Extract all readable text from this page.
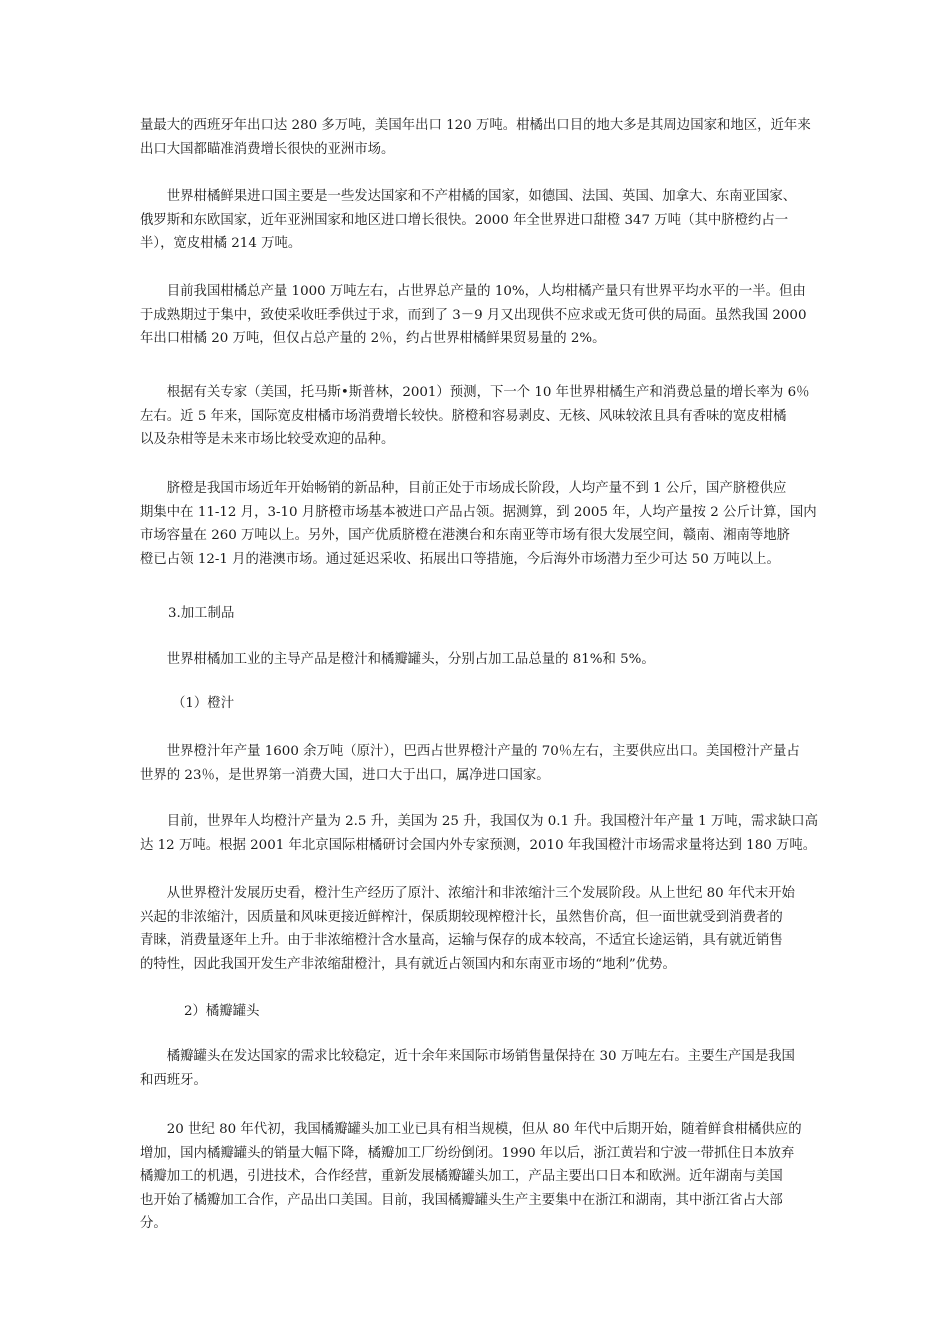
量最大的西班牙年出口达 280 多万吨，美国年出口 120 万吨。柑橘出口目的地大多是其周边国家和地区，近年来
出口大国都瞄准消费增长很快的亚洲市场。

　　世界柑橘鲜果进口国主要是一些发达国家和不产柑橘的国家，如德国、法国、英国、加拿大、东南亚国家、
俄罗斯和东欧国家，近年亚洲国家和地区进口增长很快。2000 年全世界进口甜橙 347 万吨（其中脐橙约占一
半），宽皮柑橘 214 万吨。

　　目前我国柑橘总产量 1000 万吨左右，占世界总产量的 10%，人均柑橘产量只有世界平均水平的一半。但由
于成熟期过于集中，致使采收旺季供过于求，而到了 3－9 月又出现供不应求或无货可供的局面。虽然我国 2000
年出口柑橘 20 万吨，但仅占总产量的 2％，约占世界柑橘鲜果贸易量的 2%。

　　根据有关专家（美国，托马斯•斯普林，2001）预测，下一个 10 年世界柑橘生产和消费总量的增长率为 6％
左右。近 5 年来，国际宽皮柑橘市场消费增长较快。脐橙和容易剥皮、无核、风味较浓且具有香味的宽皮柑橘
以及杂柑等是未来市场比较受欢迎的品种。

　　脐橙是我国市场近年开始畅销的新品种，目前正处于市场成长阶段，人均产量不到 1 公斤，国产脐橙供应
期集中在 11-12 月，3-10 月脐橙市场基本被进口产品占领。据测算，到 2005 年，人均产量按 2 公斤计算，国内
市场容量在 260 万吨以上。另外，国产优质脐橙在港澳台和东南亚等市场有很大发展空间，赣南、湘南等地脐
橙已占领 12-1 月的港澳市场。通过延迟采收、拓展出口等措施，今后海外市场潜力至少可达 50 万吨以上。

3.加工制品

　　世界柑橘加工业的主导产品是橙汁和橘瓣罐头，分别占加工品总量的 81%和 5%。

（1）橙汁

　　世界橙汁年产量 1600 余万吨（原汁），巴西占世界橙汁产量的 70％左右，主要供应出口。美国橙汁产量占
世界的 23％，是世界第一消费大国，进口大于出口，属净进口国家。

　　目前，世界年人均橙汁产量为 2.5 升，美国为 25 升，我国仅为 0.1 升。我国橙汁年产量 1 万吨，需求缺口高
达 12 万吨。根据 2001 年北京国际柑橘研讨会国内外专家预测，2010 年我国橙汁市场需求量将达到 180 万吨。

　　从世界橙汁发展历史看，橙汁生产经历了原汁、浓缩汁和非浓缩汁三个发展阶段。从上世纪 80 年代末开始
兴起的非浓缩汁，因质量和风味更接近鲜榨汁，保质期较现榨橙汁长，虽然售价高，但一面世就受到消费者的
青睐，消费量逐年上升。由于非浓缩橙汁含水量高，运输与保存的成本较高，不适宜长途运销，具有就近销售
的特性，因此我国开发生产非浓缩甜橙汁，具有就近占领国内和东南亚市场的“地利”优势。

2）橘瓣罐头

　　橘瓣罐头在发达国家的需求比较稳定，近十余年来国际市场销售量保持在 30 万吨左右。主要生产国是我国
和西班牙。

　　20 世纪 80 年代初，我国橘瓣罐头加工业已具有相当规模，但从 80 年代中后期开始，随着鲜食柑橘供应的
增加，国内橘瓣罐头的销量大幅下降，橘瓣加工厂纷纷倒闭。1990 年以后，浙江黄岩和宁波一带抓住日本放弃
橘瓣加工的机遇，引进技术，合作经营，重新发展橘瓣罐头加工，产品主要出口日本和欧洲。近年湖南与美国
也开始了橘瓣加工合作，产品出口美国。目前，我国橘瓣罐头生产主要集中在浙江和湖南，其中浙江省占大部
分。
